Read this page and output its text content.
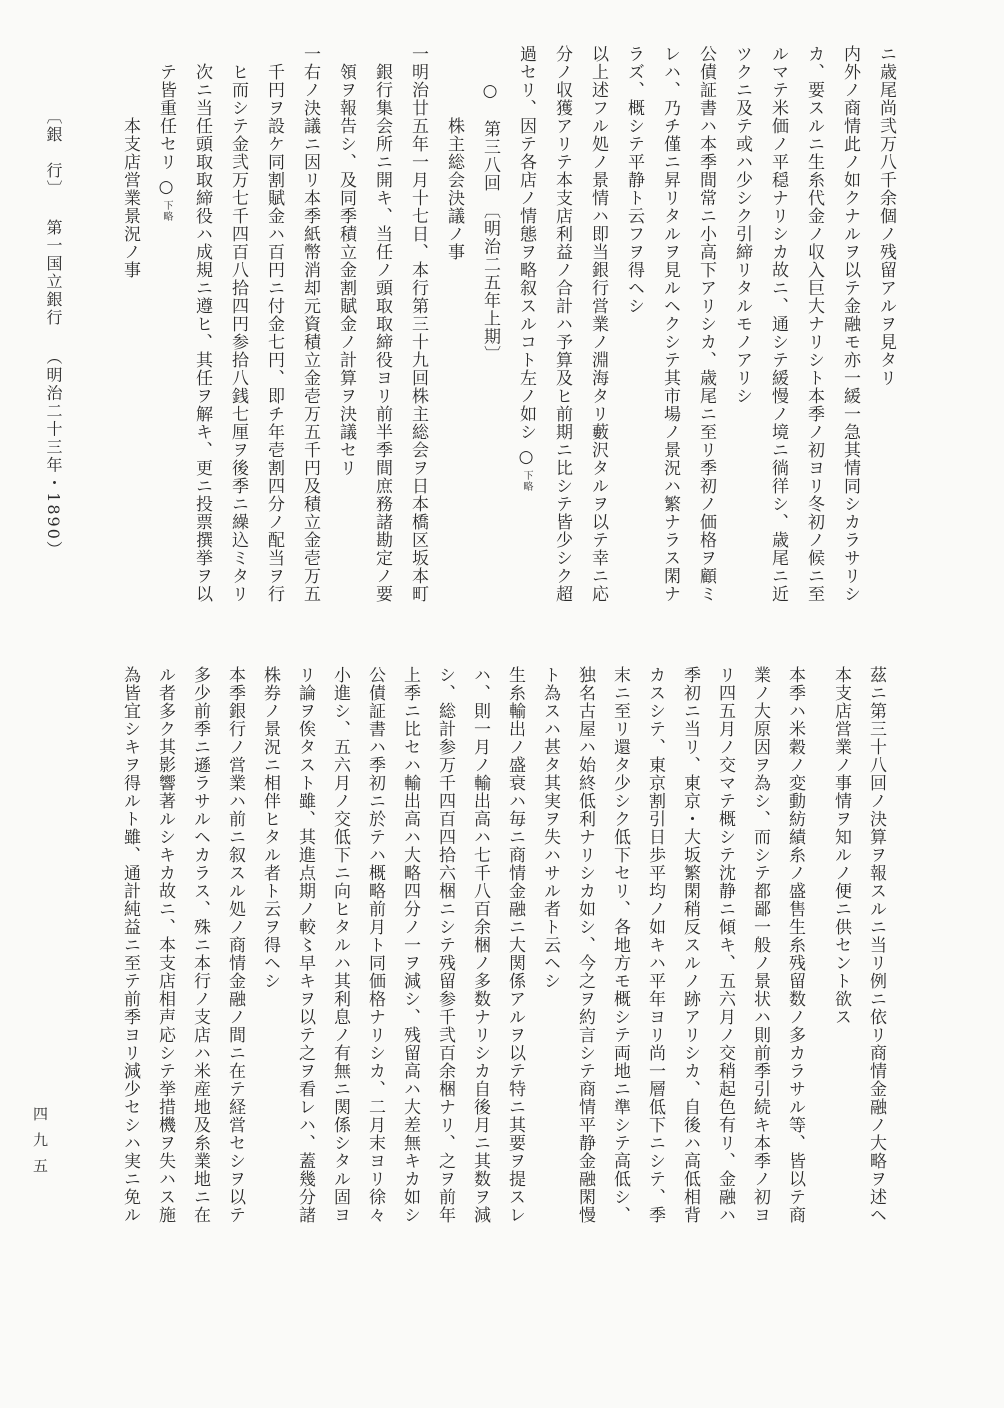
ニ歳尾尚弐万八千余個ノ残留アルヲ見タリ
内外ノ商情此ノ如クナルヲ以テ金融モ亦一緩一急其情同シカラサリシ
カ、要スルニ生糸代金ノ収入巨大ナリシト本季ノ初ヨリ冬初ノ候ニ至
ルマテ米価ノ平穏ナリシカ故ニ、通シテ緩慢ノ境ニ徜徉シ、歳尾ニ近
ツクニ及テ或ハ少シク引締リタルモノアリシ
公債証書ハ本季間常ニ小高下アリシカ、歳尾ニ至リ季初ノ価格ヲ顧ミ
レハ、乃チ僅ニ昇リタルヲ見ルヘクシテ其市場ノ景況ハ繁ナラス閑ナ
ラズ、概シテ平静ト云フヲ得ヘシ
以上述フル処ノ景情ハ即当銀行営業ノ淵海タリ藪沢タルヲ以テ幸ニ応
分ノ収獲アリテ本支店利益ノ合計ハ予算及ヒ前期ニ比シテ皆少シク超
過セリ、因テ各店ノ情態ヲ略叙スルコト左ノ如シ○下略
○　第三八回　〔明治二五年上期〕
株主総会決議ノ事
一明治廿五年一月十七日、本行第三十九回株主総会ヲ日本橋区坂本町
銀行集会所ニ開キ、当任ノ頭取取締役ヨリ前半季間庶務諸勘定ノ要
領ヲ報告シ、及同季積立金割賦金ノ計算ヲ決議セリ
一右ノ決議ニ因リ本季紙幣消却元資積立金壱万五千円及積立金壱万五
千円ヲ設ケ同割賦金ハ百円ニ付金七円、即チ年壱割四分ノ配当ヲ行
ヒ而シテ金弐万七千四百八拾四円参拾八銭七厘ヲ後季ニ繰込ミタリ
次ニ当任頭取取締役ハ成規ニ遵ヒ、其任ヲ解キ、更ニ投票撰挙ヲ以
テ皆重任セリ○下略
本支店営業景況ノ事
〔銀　行〕 第一国立銀行 （明治二十三年・1890）
茲ニ第三十八回ノ決算ヲ報スルニ当リ例ニ依リ商情金融ノ大略ヲ述ヘ
本支店営業ノ事情ヲ知ルノ便ニ供セント欲ス
本季ハ米穀ノ変動紡績糸ノ盛售生糸残留数ノ多カラサル等、皆以テ商
業ノ大原因ヲ為シ、而シテ都鄙一般ノ景状ハ則前季引続キ本季ノ初ヨ
リ四五月ノ交マテ概シテ沈静ニ傾キ、五六月ノ交稍起色有リ、金融ハ
季初ニ当リ、東京・大坂繁閑稍反スルノ跡アリシカ、自後ハ高低相背
カスシテ、東京割引日歩平均ノ如キハ平年ヨリ尚一層低下ニシテ、季
末ニ至リ還タ少シク低下セリ、各地方モ概シテ両地ニ準シテ高低シ、
独名古屋ハ始終低利ナリシカ如シ、今之ヲ約言シテ商情平静金融閑慢
ト為スハ甚タ其実ヲ失ハサル者ト云ヘシ
生糸輸出ノ盛衰ハ毎ニ商情金融ニ大関係アルヲ以テ特ニ其要ヲ提スレ
ハ、則一月ノ輸出高ハ七千八百余梱ノ多数ナリシカ自後月ニ其数ヲ減
シ、総計参万千四百四拾六梱ニシテ残留参千弐百余梱ナリ、之ヲ前年
上季ニ比セハ輸出高ハ大略四分ノ一ヲ減シ、残留高ハ大差無キカ如シ
公債証書ハ季初ニ於テハ概略前月ト同価格ナリシカ、二月末ヨリ徐々
小進シ、五六月ノ交低下ニ向ヒタルハ其利息ノ有無ニ関係シタル固ヨ
リ論ヲ俟タスト雖、其進点期ノ較〻早キヲ以テ之ヲ看レハ、蓋幾分諸
株券ノ景況ニ相伴ヒタル者ト云ヲ得ヘシ
本季銀行ノ営業ハ前ニ叙スル処ノ商情金融ノ間ニ在テ経営セシヲ以テ
多少前季ニ遜ラサルヘカラス、殊ニ本行ノ支店ハ米産地及糸業地ニ在
ル者多ク其影響著ルシキカ故ニ、本支店相声応シテ挙措機ヲ失ハス施
為皆宜シキヲ得ルト雖、通計純益ニ至テ前季ヨリ減少セシハ実ニ免ル
四九五
